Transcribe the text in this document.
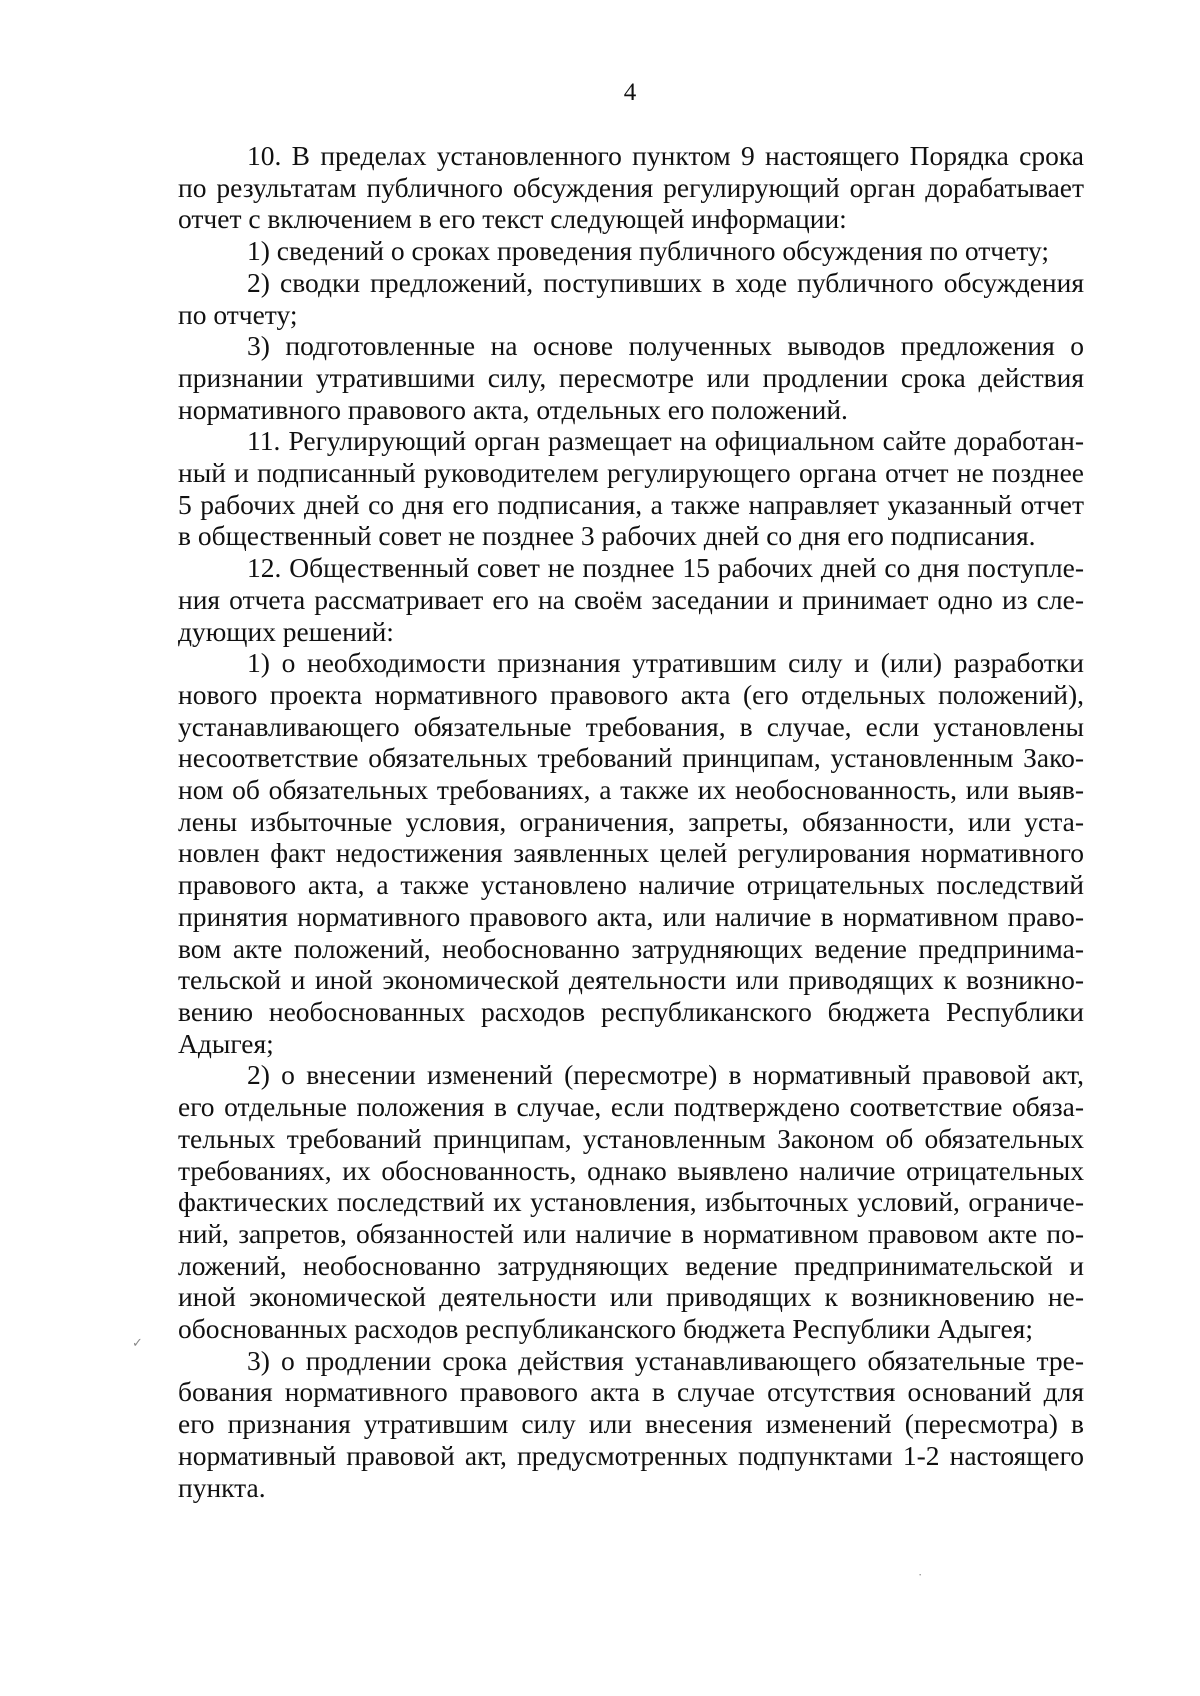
4

10. В пределах установленного пунктом 9 настоящего Порядка срока по результатам публичного обсуждения регулирующий орган дорабатывает отчет с включением в его текст следующей информации:

1) сведений о сроках проведения публичного обсуждения по отчету;

2) сводки предложений, поступивших в ходе публичного обсуждения по отчету;

3) подготовленные на основе полученных выводов предложения о признании утратившими силу, пересмотре или продлении срока действия нормативного правового акта, отдельных его положений.

11. Регулирующий орган размещает на официальном сайте доработанный и подписанный руководителем регулирующего органа отчет не позднее 5 рабочих дней со дня его подписания, а также направляет указанный отчет в общественный совет не позднее 3 рабочих дней со дня его подписания.

12. Общественный совет не позднее 15 рабочих дней со дня поступления отчета рассматривает его на своём заседании и принимает одно из следующих решений:

1) о необходимости признания утратившим силу и (или) разработки нового проекта нормативного правового акта (его отдельных положений), устанавливающего обязательные требования, в случае, если установлены несоответствие обязательных требований принципам, установленным Законом об обязательных требованиях, а также их необоснованность, или выявлены избыточные условия, ограничения, запреты, обязанности, или установлен факт недостижения заявленных целей регулирования нормативного правового акта, а также установлено наличие отрицательных последствий принятия нормативного правового акта, или наличие в нормативном правовом акте положений, необоснованно затрудняющих ведение предпринимательской и иной экономической деятельности или приводящих к возникновению необоснованных расходов республиканского бюджета Республики Адыгея;

2) о внесении изменений (пересмотре) в нормативный правовой акт, его отдельные положения в случае, если подтверждено соответствие обязательных требований принципам, установленным Законом об обязательных требованиях, их обоснованность, однако выявлено наличие отрицательных фактических последствий их установления, избыточных условий, ограничений, запретов, обязанностей или наличие в нормативном правовом акте положений, необоснованно затрудняющих ведение предпринимательской и иной экономической деятельности или приводящих к возникновению необоснованных расходов республиканского бюджета Республики Адыгея;

3) о продлении срока действия устанавливающего обязательные требования нормативного правового акта в случае отсутствия оснований для его признания утратившим силу или внесения изменений (пересмотра) в нормативный правовой акт, предусмотренных подпунктами 1-2 настоящего пункта.

✓
·
